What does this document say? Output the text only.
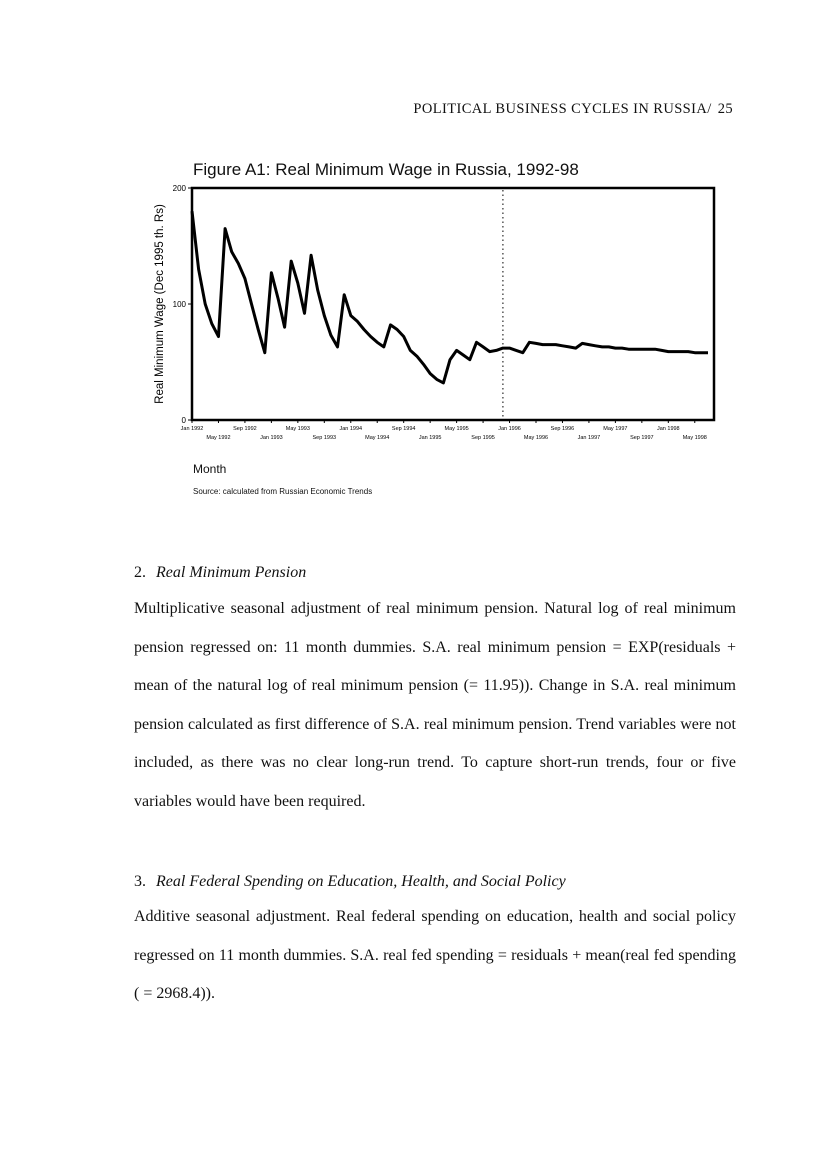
POLITICAL BUSINESS CYCLES IN RUSSIA/ 25
Figure A1: Real Minimum Wage in Russia, 1992-98
0
100
200
Real Minimum Wage (Dec 1995 th. Rs)
Jan 1992	Sep 1992	May 1993	Jan 1994	Sep 1994	May 1995	Jan 1996	Sep 1996	May 1997	Jan 1998
May 1992	Jan 1993	Sep 1993	May 1994	Jan 1995	Sep 1995	May 1996	Jan 1997	Sep 1997	May 1998
Month
Source: calculated from Russian Economic Trends
2. Real Minimum Pension

Multiplicative seasonal adjustment of real minimum pension. Natural log of real minimum pension regressed on: 11 month dummies. S.A. real minimum pension = EXP(residuals + mean of the natural log of real minimum pension (= 11.95)). Change in S.A. real minimum pension calculated as first difference of S.A. real minimum pension. Trend variables were not included, as there was no clear long-run trend. To capture short-run trends, four or five variables would have been required.

3. Real Federal Spending on Education, Health, and Social Policy

Additive seasonal adjustment. Real federal spending on education, health and social policy regressed on 11 month dummies. S.A. real fed spending = residuals + mean(real fed spending ( = 2968.4)).
